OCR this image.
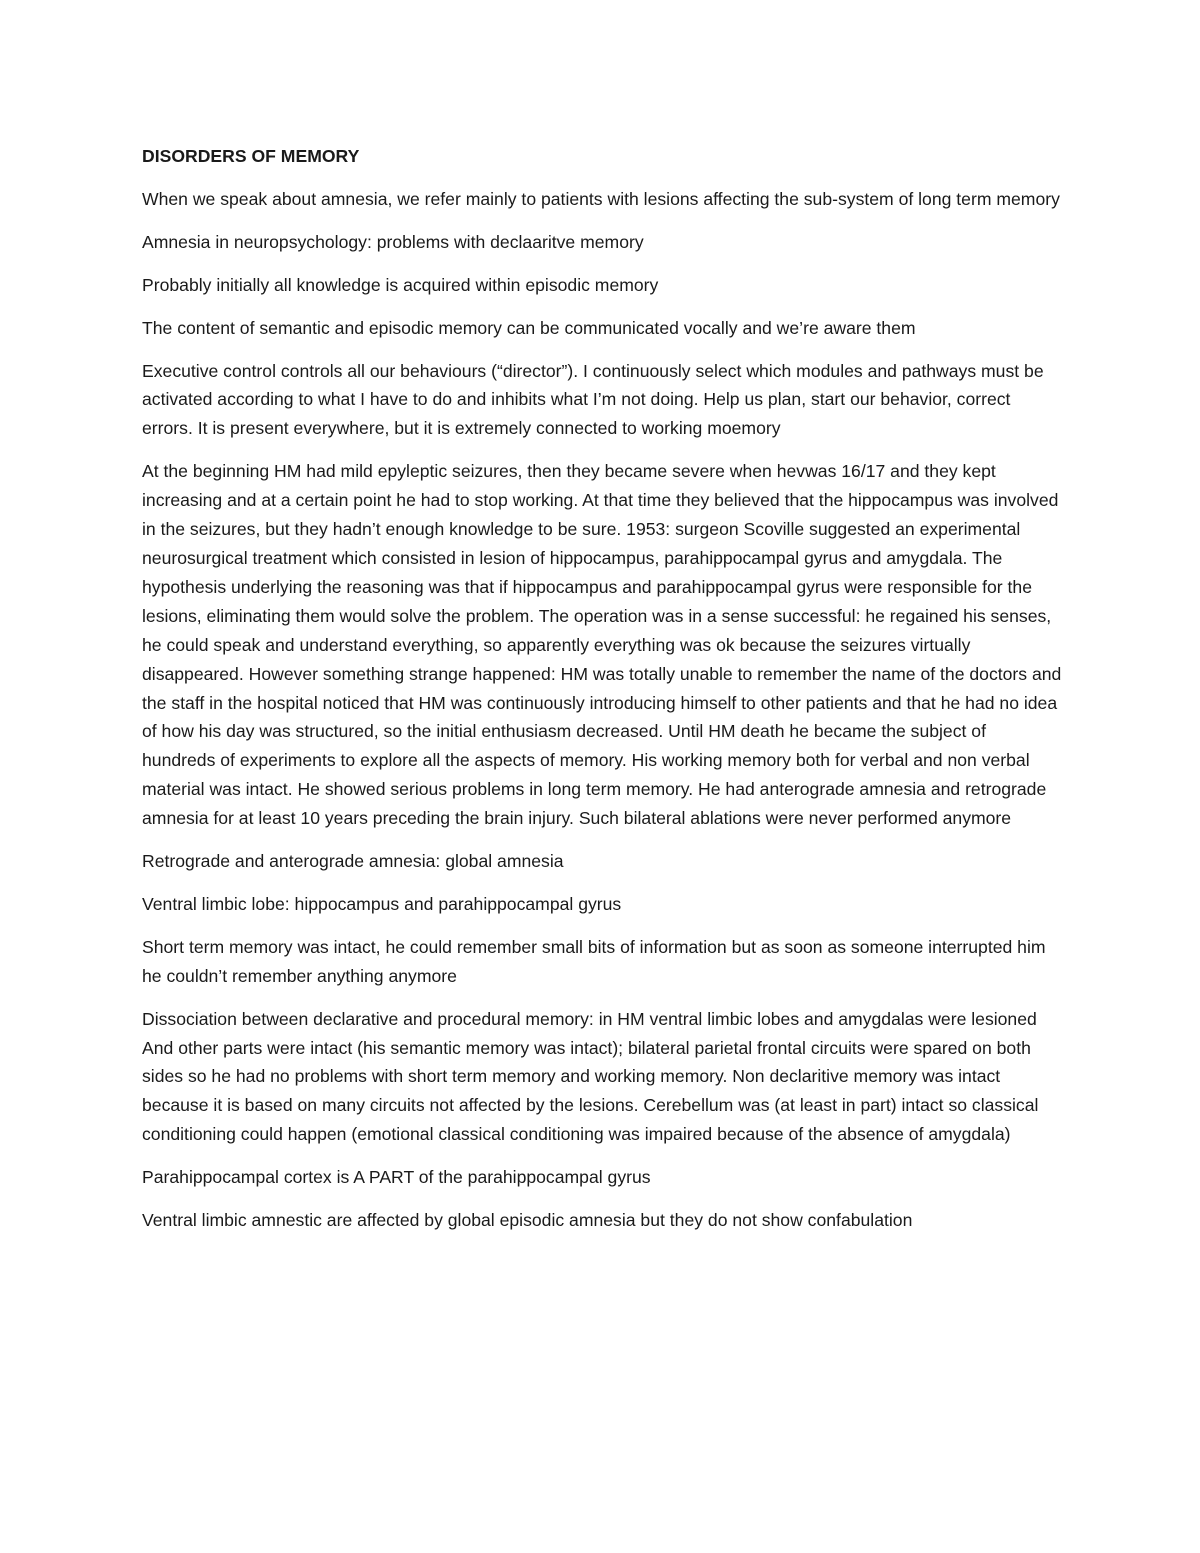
DISORDERS OF MEMORY

When we speak about amnesia, we refer mainly to patients with lesions affecting the sub-system of long term memory

Amnesia in neuropsychology: problems with declaaritve memory

Probably initially all knowledge is acquired within episodic memory

The content of semantic and episodic memory can be communicated vocally and we’re aware them

Executive control controls all our behaviours (“director”). I continuously select which modules and pathways must be activated according to what I have to do and inhibits what I’m not doing. Help us plan, start our behavior, correct errors. It is present everywhere, but it is extremely connected to working moemory

At the beginning HM had mild epyleptic seizures, then they became severe when hevwas 16/17 and they kept increasing and at a certain point he had to stop working. At that time they believed that the hippocampus was involved in the seizures, but they hadn’t enough knowledge to be sure. 1953: surgeon Scoville suggested an experimental neurosurgical treatment which consisted in lesion of hippocampus, parahippocampal gyrus and amygdala. The hypothesis underlying the reasoning was that if hippocampus and parahippocampal gyrus were responsible for the lesions, eliminating them would solve the problem. The operation was in a sense successful: he regained his senses, he could speak and understand everything, so apparently everything was ok because the seizures virtually disappeared. However something strange happened: HM was totally unable to remember the name of the doctors and the staff in the hospital noticed that HM was continuously introducing himself to other patients and that he had no idea of how his day was structured, so the initial enthusiasm decreased. Until HM death he became the subject of hundreds of experiments to explore all the aspects of memory. His working memory both for verbal and non verbal material was intact. He showed serious problems in long term memory. He had anterograde amnesia and retrograde amnesia for at least 10 years preceding the brain injury. Such bilateral ablations were never performed anymore

Retrograde and anterograde amnesia: global amnesia

Ventral limbic lobe: hippocampus and parahippocampal gyrus

Short term memory was intact, he could remember small bits of information but as soon as someone interrupted him he couldn’t remember anything anymore

Dissociation between declarative and procedural memory: in HM ventral limbic lobes and amygdalas were lesioned And other parts were intact (his semantic memory was intact); bilateral parietal frontal circuits were spared on both sides so he had no problems with short term memory and working memory. Non declaritive memory was intact because it is based on many circuits not affected by the lesions. Cerebellum was (at least in part) intact so classical conditioning could happen (emotional classical conditioning was impaired because of the absence of amygdala)

Parahippocampal cortex is A PART of the parahippocampal gyrus

Ventral limbic amnestic are affected by global episodic amnesia but they do not show confabulation
